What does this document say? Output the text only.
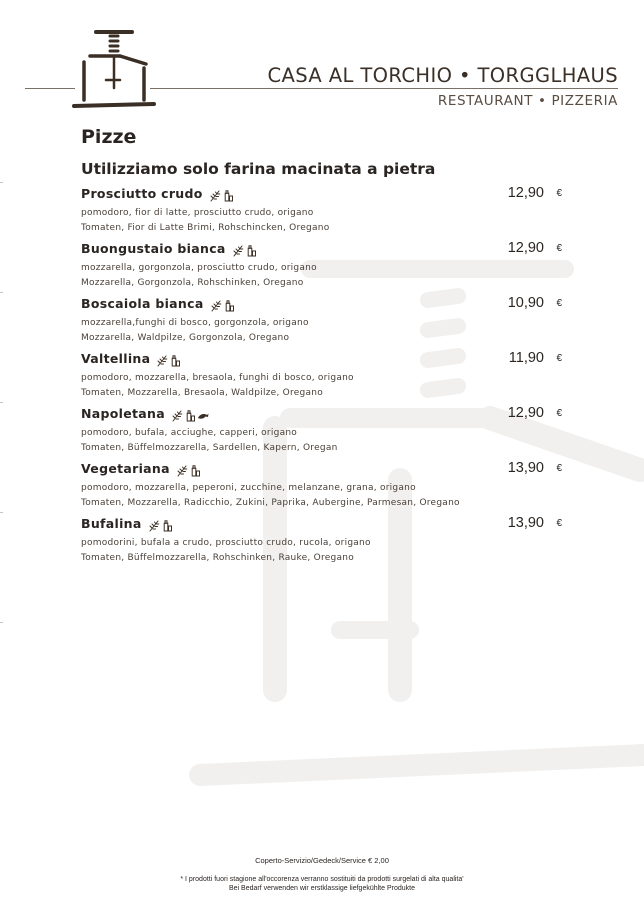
CASA AL TORCHIO • TORGGLHAUS
RESTAURANT • PIZZERIA
Pizze
Utilizziamo solo farina macinata a pietra
Prosciutto crudo	12,90 €
pomodoro, fior di latte, prosciutto crudo, origano
Tomaten, Fior di Latte Brimi, Rohschincken, Oregano
Buongustaio bianca	12,90 €
mozzarella, gorgonzola, prosciutto crudo, origano
Mozzarella, Gorgonzola, Rohschinken, Oregano
Boscaiola bianca	10,90 €
mozzarella,funghi di bosco, gorgonzola, origano
Mozzarella, Waldpilze, Gorgonzola, Oregano
Valtellina	11,90 €
pomodoro, mozzarella, bresaola, funghi di bosco, origano
Tomaten, Mozzarella, Bresaola, Waldpilze, Oregano
Napoletana	12,90 €
pomodoro, bufala, acciughe, capperi, origano
Tomaten, Büffelmozzarella, Sardellen, Kapern, Oregan
Vegetariana	13,90 €
pomodoro, mozzarella, peperoni, zucchine, melanzane, grana, origano
Tomaten, Mozzarella, Radicchio, Zukini, Paprika, Aubergine, Parmesan, Oregano
Bufalina	13,90 €
pomodorini, bufala a crudo, prosciutto crudo, rucola, origano
Tomaten, Büffelmozzarella, Rohschinken, Rauke, Oregano
Coperto-Servizio/Gedeck/Service € 2,00
* I prodotti fuori stagione all'occorenza verranno sostituiti da prodotti surgelati di alta qualita'
Bei Bedarf verwenden wir erstklassige liefgekühlte Produkte
